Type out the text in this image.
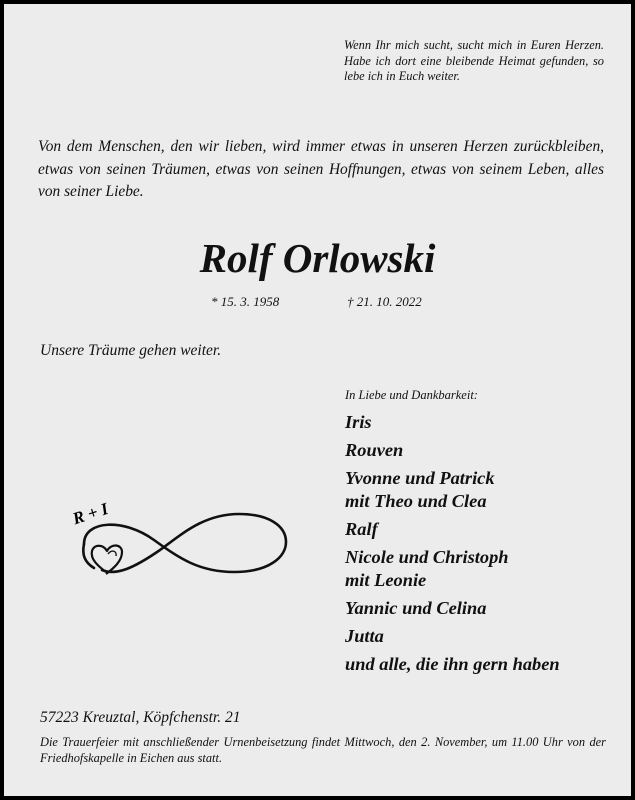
Wenn Ihr mich sucht, sucht mich in Euren Herzen. Habe ich dort eine bleibende Heimat gefunden, so lebe ich in Euch weiter.

Von dem Menschen, den wir lieben, wird immer etwas in unseren Herzen zurückbleiben, etwas von seinen Träumen, etwas von seinen Hoffnungen, etwas von seinem Leben, alles von seiner Liebe.

Rolf Orlowski
* 15. 3. 1958	† 21. 10. 2022
Unsere Träume gehen weiter.
R + I
In Liebe und Dankbarkeit:
Iris
Rouven
Yvonne und Patrick
mit Theo und Clea
Ralf
Nicole und Christoph
mit Leonie
Yannic und Celina
Jutta
und alle, die ihn gern haben
57223 Kreuztal, Köpfchenstr. 21

Die Trauerfeier mit anschließender Urnenbeisetzung findet Mittwoch, den 2. November, um 11.00 Uhr von der Friedhofskapelle in Eichen aus statt.
